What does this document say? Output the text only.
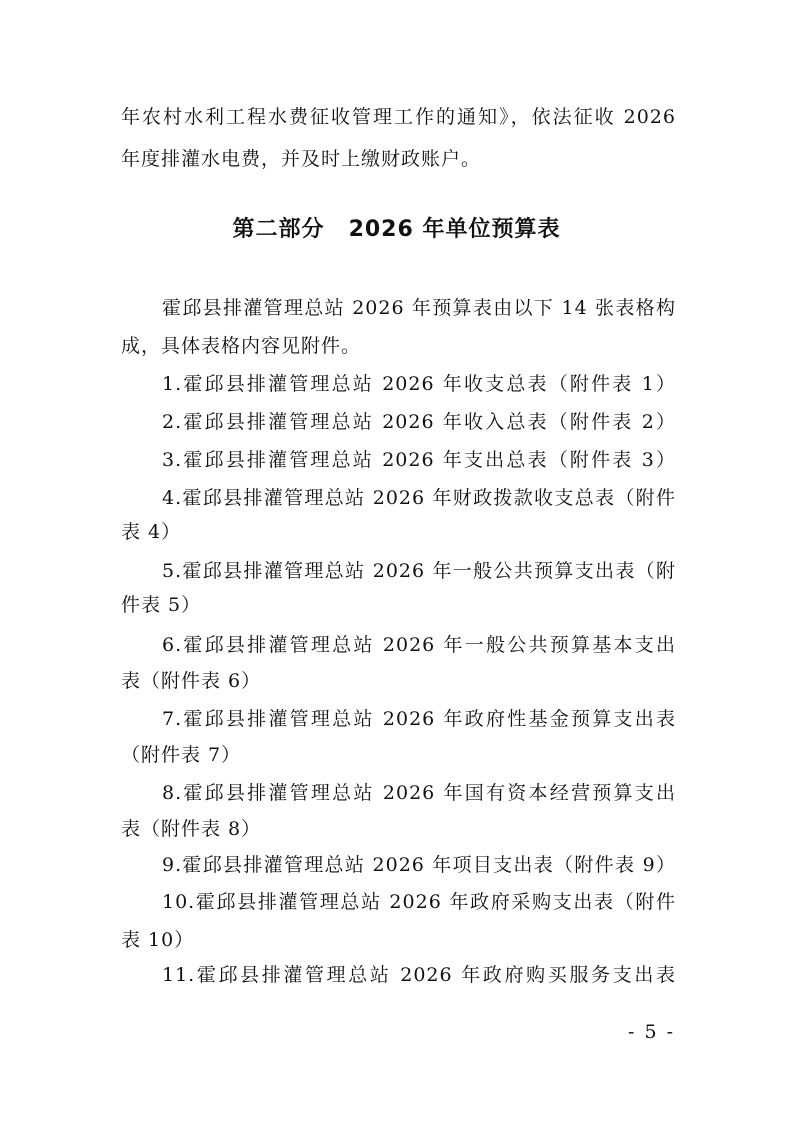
年农村水利工程水费征收管理工作的通知》，依法征收 2026
年度排灌水电费，并及时上缴财政账户。
第二部分 2026 年单位预算表
霍邱县排灌管理总站 2026 年预算表由以下 14 张表格构
成，具体表格内容见附件。
1.霍邱县排灌管理总站 2026 年收支总表（附件表 1）
2.霍邱县排灌管理总站 2026 年收入总表（附件表 2）
3.霍邱县排灌管理总站 2026 年支出总表（附件表 3）
4.霍邱县排灌管理总站 2026 年财政拨款收支总表（附件
表 4）
5.霍邱县排灌管理总站 2026 年一般公共预算支出表（附
件表 5）
6.霍邱县排灌管理总站 2026 年一般公共预算基本支出
表（附件表 6）
7.霍邱县排灌管理总站 2026 年政府性基金预算支出表
（附件表 7）
8.霍邱县排灌管理总站 2026 年国有资本经营预算支出
表（附件表 8）
9.霍邱县排灌管理总站 2026 年项目支出表（附件表 9）
10.霍邱县排灌管理总站 2026 年政府采购支出表（附件
表 10）
11.霍邱县排灌管理总站 2026 年政府购买服务支出表
- 5 -
